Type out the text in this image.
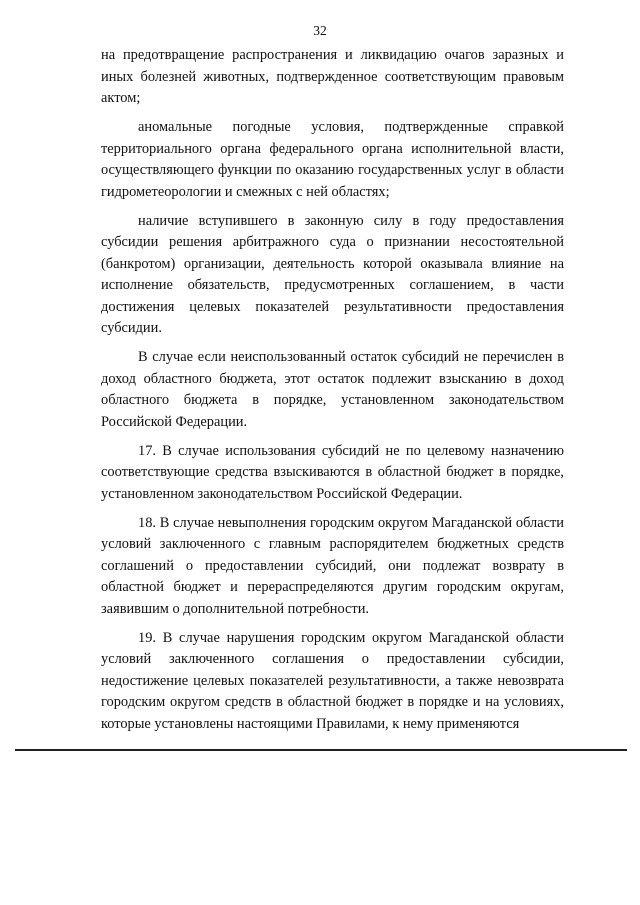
32

на предотвращение распространения и ликвидацию очагов заразных и иных болезней животных, подтвержденное соответствующим правовым актом;

аномальные погодные условия, подтвержденные справкой территориального органа федерального органа исполнительной власти, осуществляющего функции по оказанию государственных услуг в области гидрометеорологии и смежных с ней областях;

наличие вступившего в законную силу в году предоставления субсидии решения арбитражного суда о признании несостоятельной (банкротом) организации, деятельность которой оказывала влияние на исполнение обязательств, предусмотренных соглашением, в части достижения целевых показателей результативности предоставления субсидии.

В случае если неиспользованный остаток субсидий не перечислен в доход областного бюджета, этот остаток подлежит взысканию в доход областного бюджета в порядке, установленном законодательством Российской Федерации.

17. В случае использования субсидий не по целевому назначению соответствующие средства взыскиваются в областной бюджет в порядке, установленном законодательством Российской Федерации.

18. В случае невыполнения городским округом Магаданской области условий заключенного с главным распорядителем бюджетных средств соглашений о предоставлении субсидий, они подлежат возврату в областной бюджет и перераспределяются другим городским округам, заявившим о дополнительной потребности.

19. В случае нарушения городским округом Магаданской области условий заключенного соглашения о предоставлении субсидии, недостижение целевых показателей результативности, а также невозврата городским округом средств в областной бюджет в порядке и на условиях, которые установлены настоящими Правилами, к нему применяются
